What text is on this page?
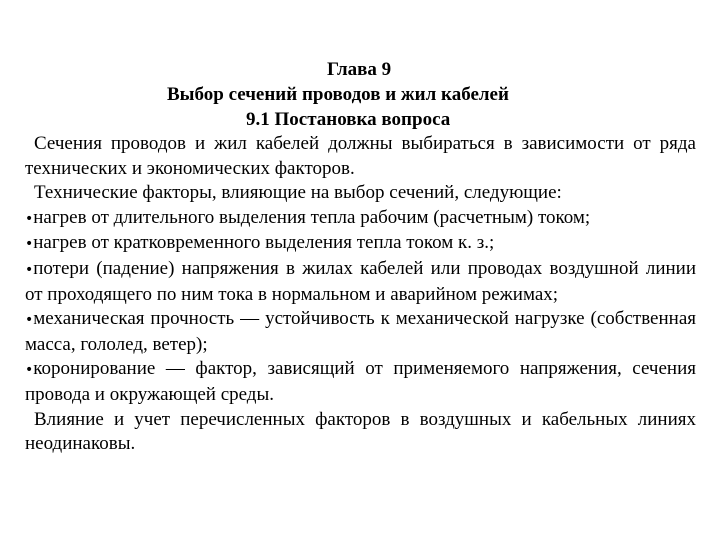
Глава 9
Выбор сечений проводов и жил кабелей
9.1 Постановка вопроса
Сечения проводов и жил кабелей должны выбираться в зависимости от ряда технических и экономических факторов.
Технические факторы, влияющие на выбор сечений, следующие:
•нагрев от длительного выделения тепла рабочим (расчетным) током;
•нагрев от кратковременного выделения тепла током к. з.;
•потери (падение) напряжения в жилах кабелей или проводах воздушной линии от проходящего по ним тока в нормальном и аварийном режимах;
•механическая прочность — устойчивость к механической нагрузке (собственная масса, гололед, ветер);
•коронирование — фактор, зависящий от применяемого напряжения, сечения провода и окружающей среды.
Влияние и учет перечисленных факторов в воздушных и кабельных линиях неодинаковы.
